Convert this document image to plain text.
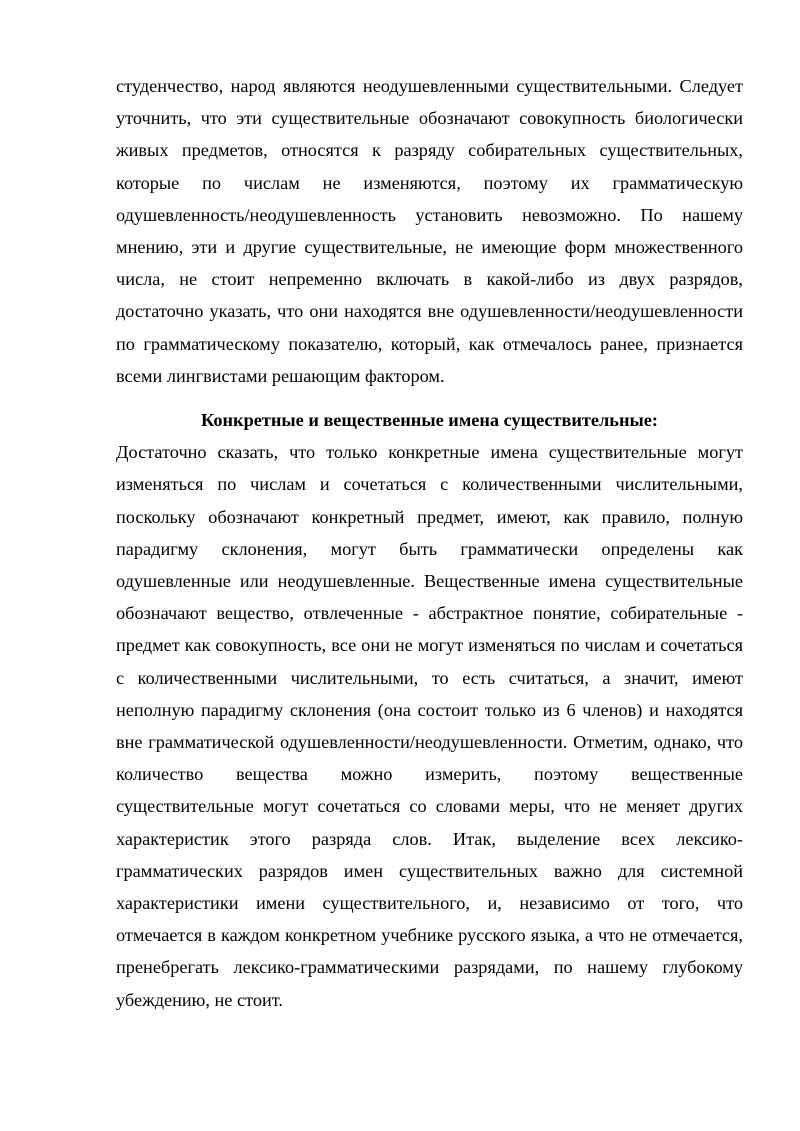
студенчество, народ являются неодушевленными существительными. Следует уточнить, что эти существительные обозначают совокупность биологически живых предметов, относятся к разряду собирательных существительных, которые по числам не изменяются, поэтому их грамматическую одушевленность/неодушевленность установить невозможно. По нашему мнению, эти и другие существительные, не имеющие форм множественного числа, не стоит непременно включать в какой-либо из двух разрядов, достаточно указать, что они находятся вне одушевленности/неодушевленности по грамматическому показателю, который, как отмечалось ранее, признается всеми лингвистами решающим фактором.

Конкретные и вещественные имена существительные:

Достаточно сказать, что только конкретные имена существительные могут изменяться по числам и сочетаться с количественными числительными, поскольку обозначают конкретный предмет, имеют, как правило, полную парадигму склонения, могут быть грамматически определены как одушевленные или неодушевленные. Вещественные имена существительные обозначают вещество, отвлеченные - абстрактное понятие, собирательные - предмет как совокупность, все они не могут изменяться по числам и сочетаться с количественными числительными, то есть считаться, а значит, имеют неполную парадигму склонения (она состоит только из 6 членов) и находятся вне грамматической одушевленности/неодушевленности. Отметим, однако, что количество вещества можно измерить, поэтому вещественные существительные могут сочетаться со словами меры, что не меняет других характеристик этого разряда слов. Итак, выделение всех лексико-грамматических разрядов имен существительных важно для системной характеристики имени существительного, и, независимо от того, что отмечается в каждом конкретном учебнике русского языка, а что не отмечается, пренебрегать лексико-грамматическими разрядами, по нашему глубокому убеждению, не стоит.
